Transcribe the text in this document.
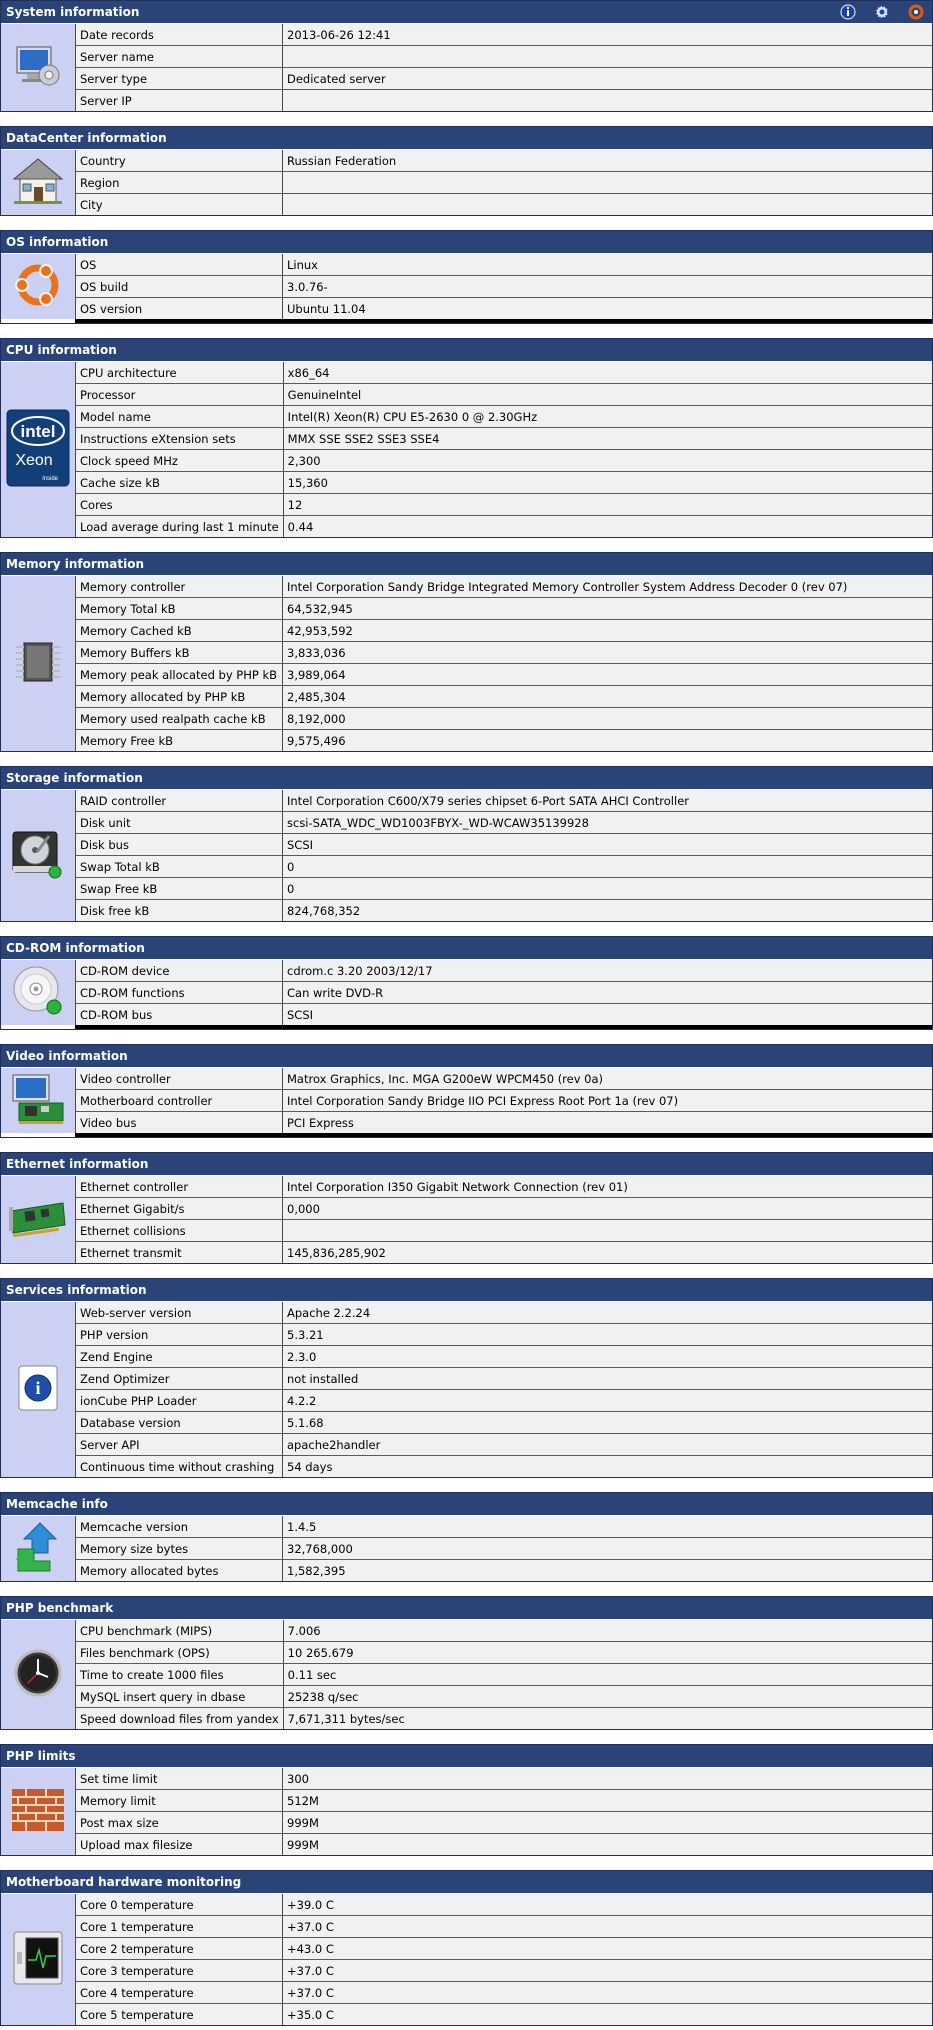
System information
Date records	2013-06-26 12:41
Server name	
Server type	Dedicated server
Server IP	
DataCenter information
Country	Russian Federation
Region	
City	
OS information
OS	Linux
OS build	3.0.76-
OS version	Ubuntu 11.04
CPU information
intel
Xeon
inside
CPU architecture	x86_64
Processor	GenuineIntel
Model name	Intel(R) Xeon(R) CPU E5-2630 0 @ 2.30GHz
Instructions eXtension sets	MMX SSE SSE2 SSE3 SSE4
Clock speed MHz	2,300
Cache size kB	15,360
Cores	12
Load average during last 1 minute	0.44
Memory information
Memory controller	Intel Corporation Sandy Bridge Integrated Memory Controller System Address Decoder 0 (rev 07)
Memory Total kB	64,532,945
Memory Cached kB	42,953,592
Memory Buffers kB	3,833,036
Memory peak allocated by PHP kB	3,989,064
Memory allocated by PHP kB	2,485,304
Memory used realpath cache kB	8,192,000
Memory Free kB	9,575,496
Storage information
RAID controller	Intel Corporation C600/X79 series chipset 6-Port SATA AHCI Controller
Disk unit	scsi-SATA_WDC_WD1003FBYX-_WD-WCAW35139928
Disk bus	SCSI
Swap Total kB	0
Swap Free kB	0
Disk free kB	824,768,352
CD-ROM information
CD-ROM device	cdrom.c 3.20 2003/12/17
CD-ROM functions	Can write DVD-R
CD-ROM bus	SCSI
Video information
Video controller	Matrox Graphics, Inc. MGA G200eW WPCM450 (rev 0a)
Motherboard controller	Intel Corporation Sandy Bridge IIO PCI Express Root Port 1a (rev 07)
Video bus	PCI Express
Ethernet information
Ethernet controller	Intel Corporation I350 Gigabit Network Connection (rev 01)
Ethernet Gigabit/s	0,000
Ethernet collisions	
Ethernet transmit	145,836,285,902
Services information
i
Web-server version	Apache 2.2.24
PHP version	5.3.21
Zend Engine	2.3.0
Zend Optimizer	not installed
ionCube PHP Loader	4.2.2
Database version	5.1.68
Server API	apache2handler
Continuous time without crashing	54 days
Memcache info
Memcache version	1.4.5
Memory size bytes	32,768,000
Memory allocated bytes	1,582,395
PHP benchmark
CPU benchmark (MIPS)	7.006
Files benchmark (OPS)	10 265.679
Time to create 1000 files	0.11 sec
MySQL insert query in dbase	25238 q/sec
Speed download files from yandex	7,671,311 bytes/sec
PHP limits
Set time limit	300
Memory limit	512M
Post max size	999M
Upload max filesize	999M
Motherboard hardware monitoring
Core 0 temperature	+39.0 C
Core 1 temperature	+37.0 C
Core 2 temperature	+43.0 C
Core 3 temperature	+37.0 C
Core 4 temperature	+37.0 C
Core 5 temperature	+35.0 C
